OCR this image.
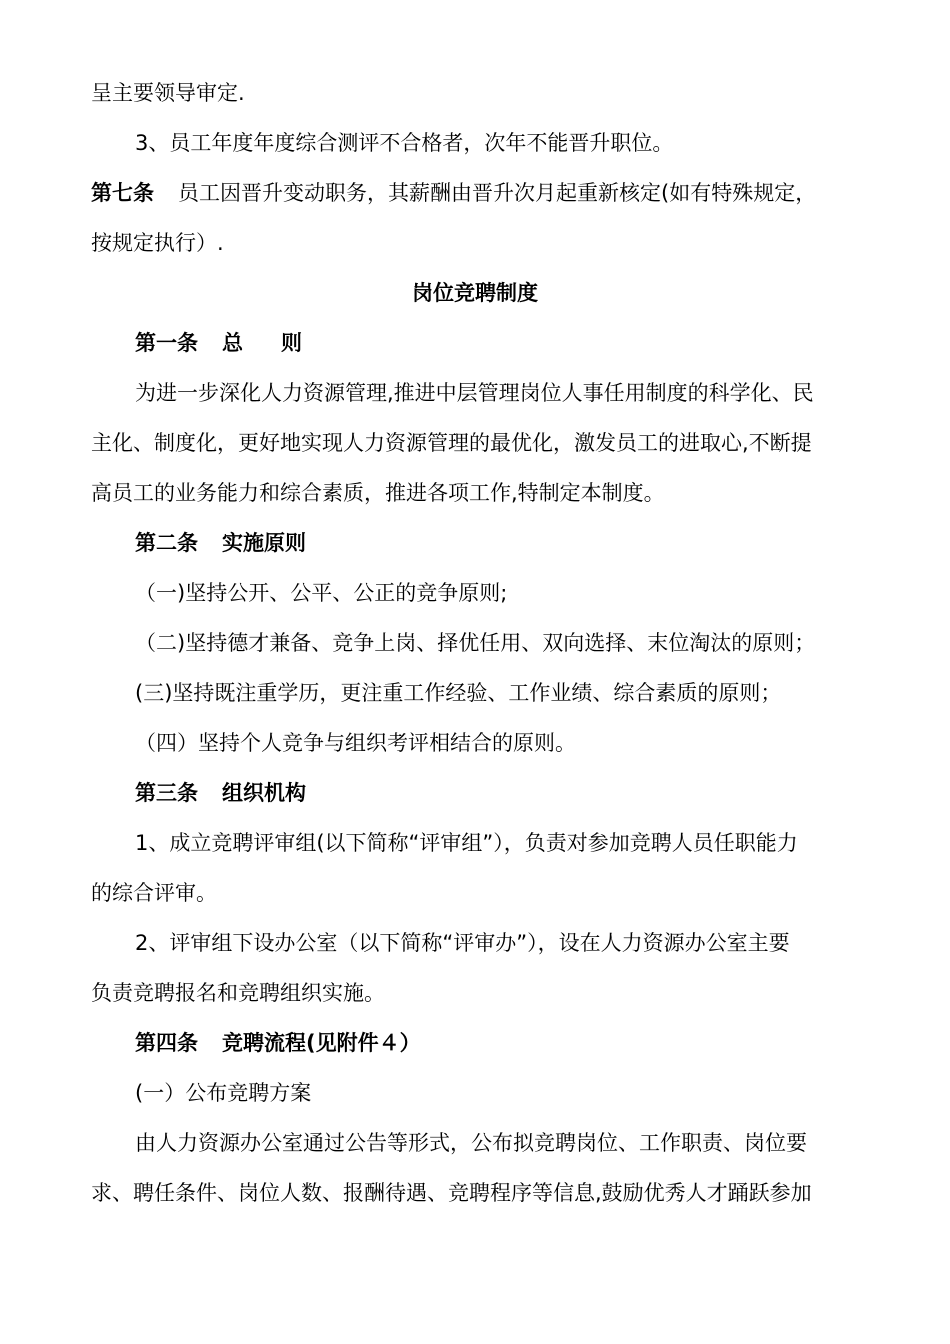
呈主要领导审定.
3、员工年度年度综合测评不合格者，次年不能晋升职位。
第七条 员工因晋升变动职务，其薪酬由晋升次月起重新核定(如有特殊规定，
按规定执行）.
岗位竞聘制度
第一条 总 则
为进一步深化人力资源管理,推进中层管理岗位人事任用制度的科学化、民
主化、制度化，更好地实现人力资源管理的最优化，激发员工的进取心,不断提
高员工的业务能力和综合素质，推进各项工作,特制定本制度。
第二条 实施原则
（一)坚持公开、公平、公正的竞争原则;
（二)坚持德才兼备、竞争上岗、择优任用、双向选择、末位淘汰的原则；
(三)坚持既注重学历，更注重工作经验、工作业绩、综合素质的原则；
（四）坚持个人竞争与组织考评相结合的原则。
第三条 组织机构
1、成立竞聘评审组(以下简称“评审组”），负责对参加竞聘人员任职能力
的综合评审。
2、评审组下设办公室（以下简称“评审办”），设在人力资源办公室主要
负责竞聘报名和竞聘组织实施。
第四条 竞聘流程(见附件４）
(一）公布竞聘方案
由人力资源办公室通过公告等形式，公布拟竞聘岗位、工作职责、岗位要
求、聘任条件、岗位人数、报酬待遇、竞聘程序等信息,鼓励优秀人才踊跃参加
